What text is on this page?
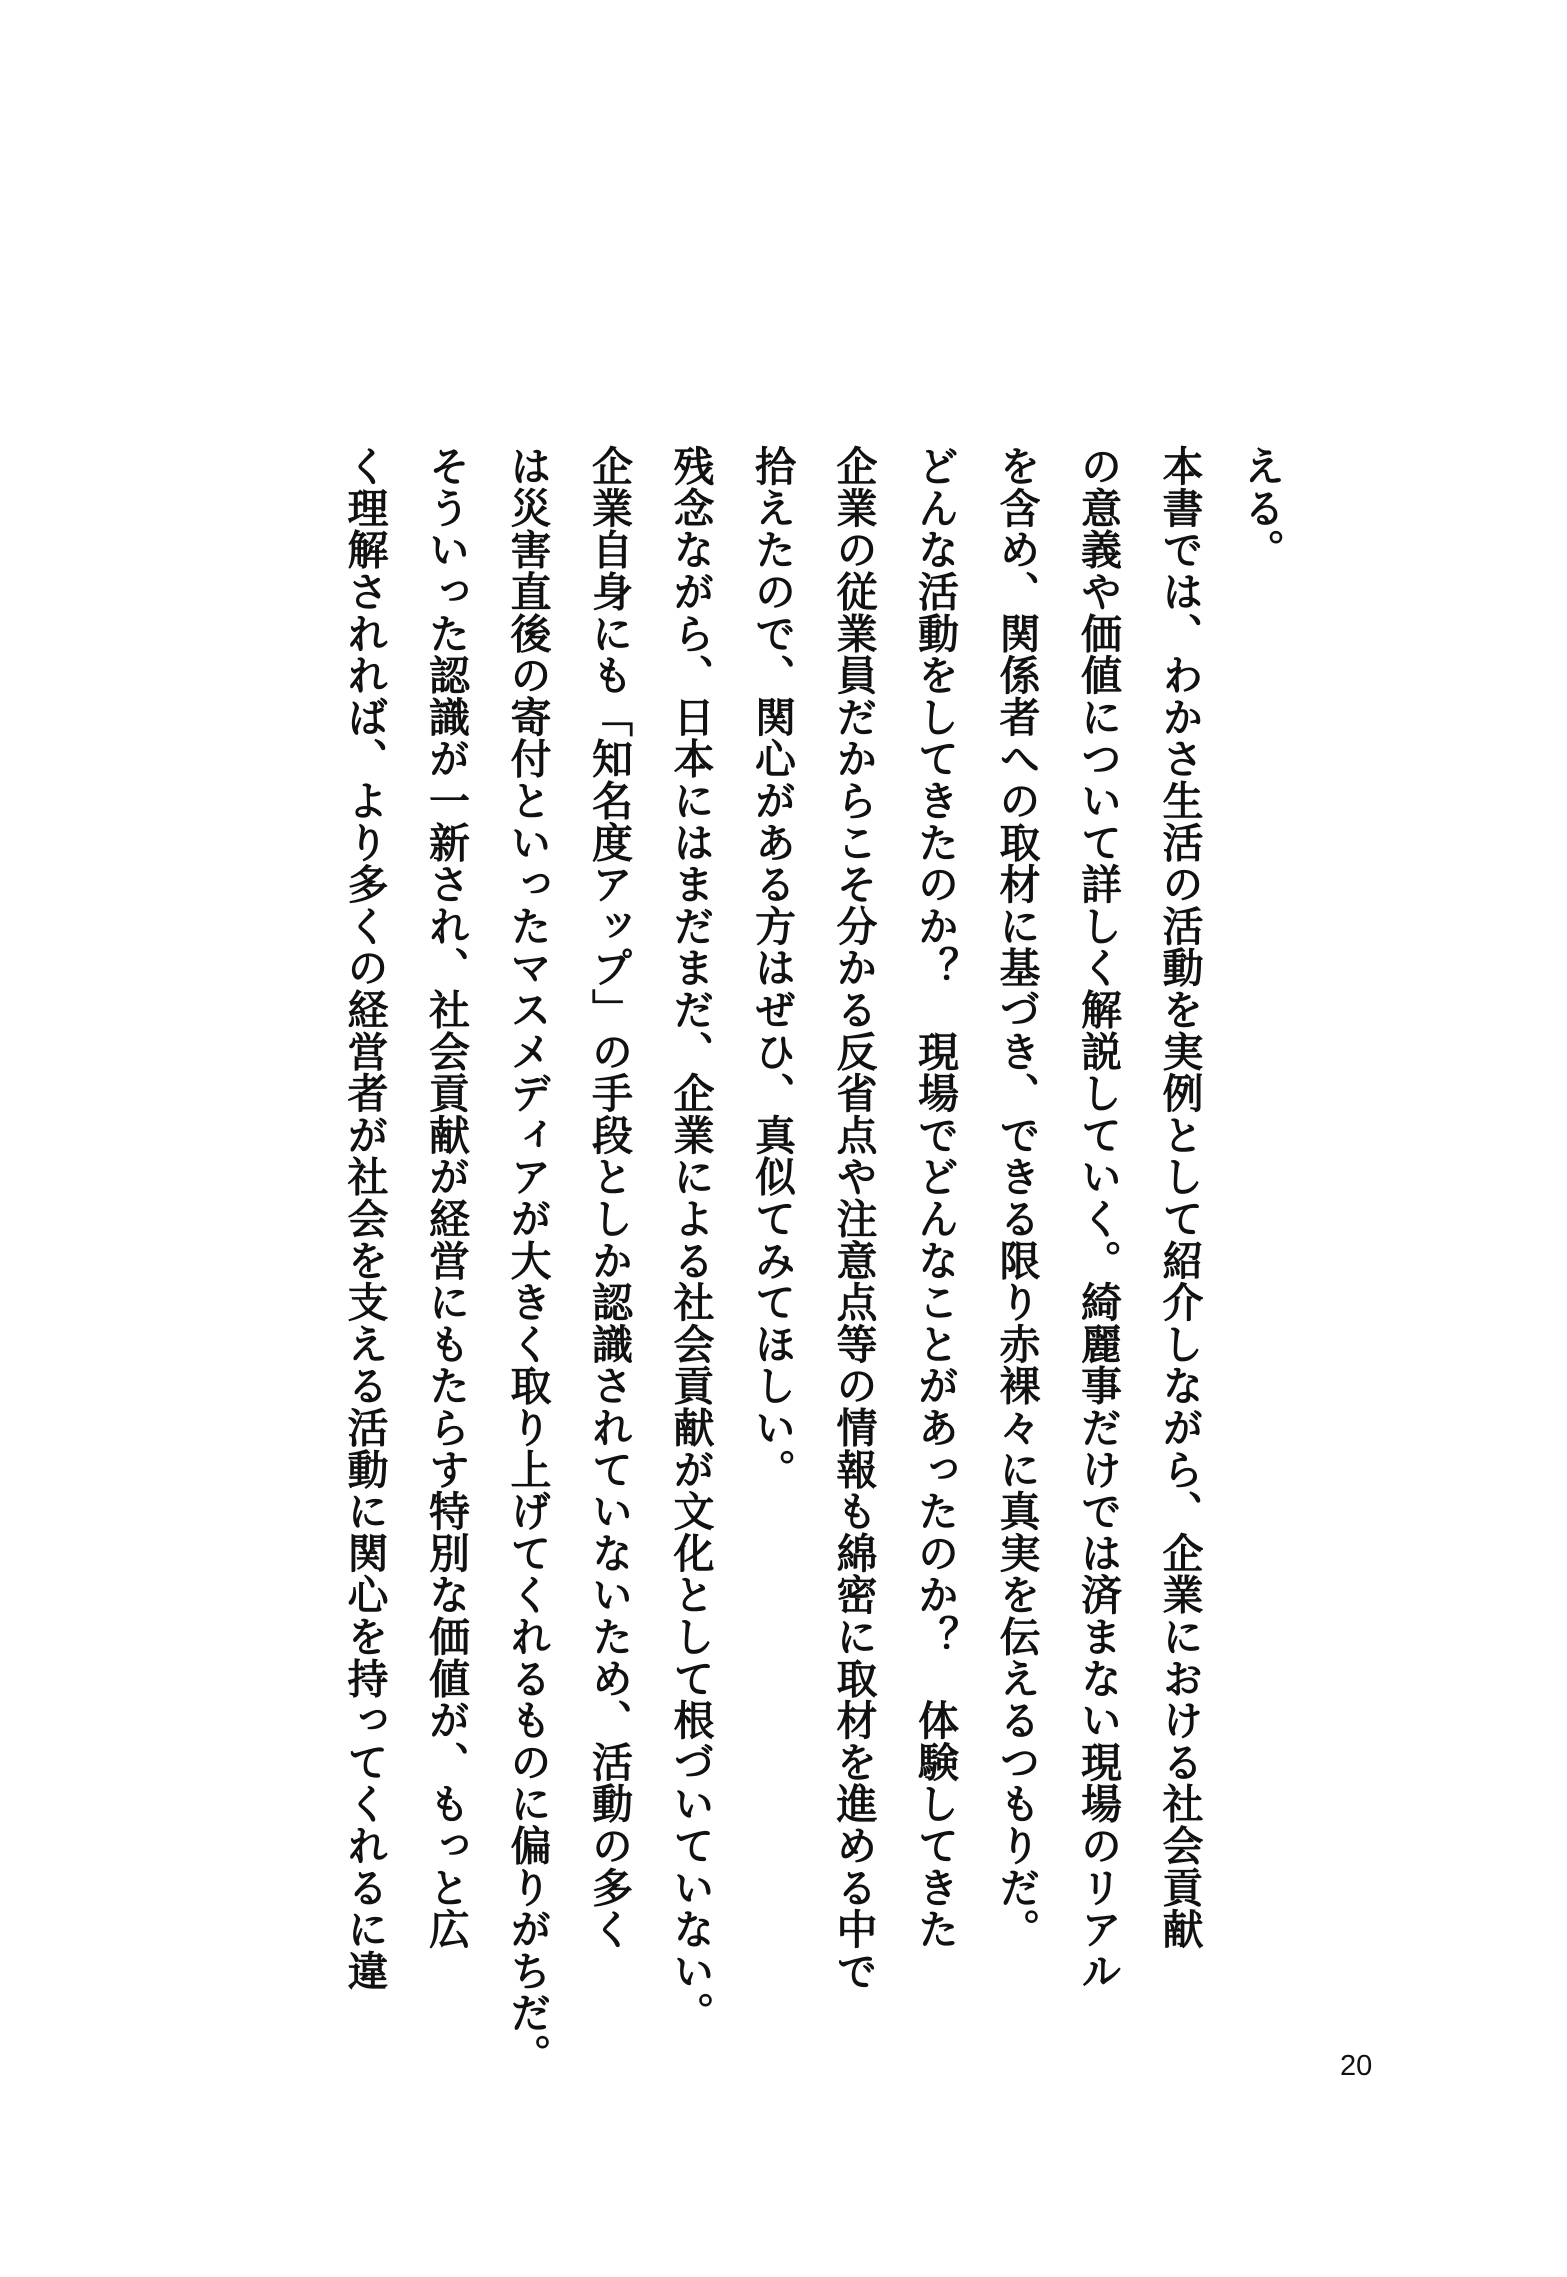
える。

本書では、わかさ生活の活動を実例として紹介しながら、企業における社会貢献

の意義や価値について詳しく解説していく。綺麗事だけでは済まない現場のリアル

を含め、関係者への取材に基づき、できる限り赤裸々に真実を伝えるつもりだ。

どんな活動をしてきたのか？　現場でどんなことがあったのか？　体験してきた

企業の従業員だからこそ分かる反省点や注意点等の情報も綿密に取材を進める中で

拾えたので、関心がある方はぜひ、真似てみてほしい。

残念ながら、日本にはまだまだ、企業による社会貢献が文化として根づいていない。

企業自身にも「知名度アップ」の手段としか認識されていないため、活動の多く

は災害直後の寄付といったマスメディアが大きく取り上げてくれるものに偏りがちだ。

そういった認識が一新され、社会貢献が経営にもたらす特別な価値が、もっと広

く理解されれば、より多くの経営者が社会を支える活動に関心を持ってくれるに違

20
